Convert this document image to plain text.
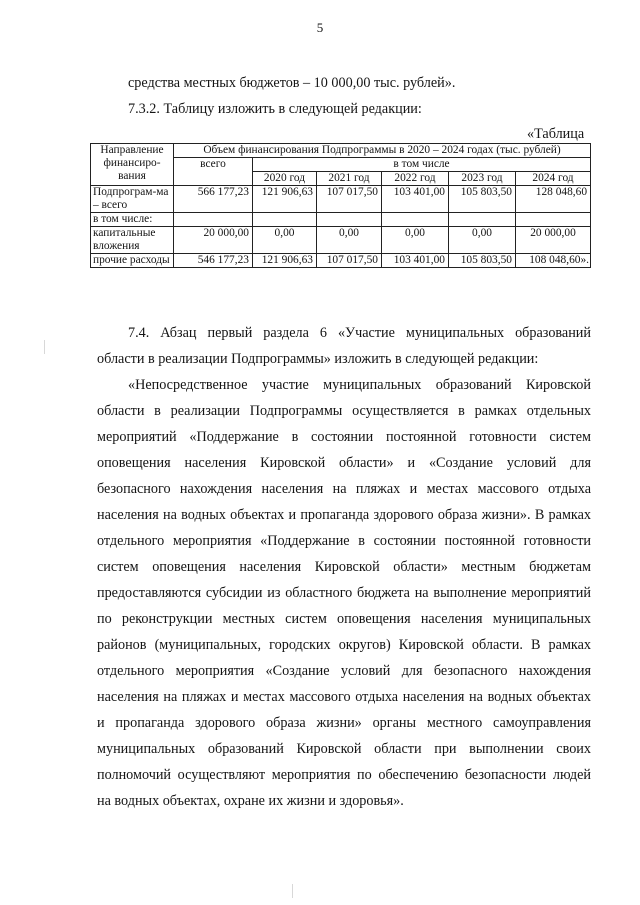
5
средства местных бюджетов – 10 000,00 тыс. рублей».
7.3.2. Таблицу изложить в следующей редакции:
«Таблица
Направление финансиро-вания	Объем финансирования Подпрограммы в 2020 – 2024 годах (тыс. рублей)					
	всего	в том числе				
		2020 год	2021 год	2022 год	2023 год	2024 год
Подпрограм-ма – всего	566 177,23	121 906,63	107 017,50	103 401,00	105 803,50	128 048,60
в том числе:						
капитальные вложения	20 000,00	0,00	0,00	0,00	0,00	20 000,00
прочие расходы	546 177,23	121 906,63	107 017,50	103 401,00	105 803,50	108 048,60».
7.4. Абзац первый раздела 6 «Участие муниципальных образований
области в реализации Подпрограммы» изложить в следующей редакции:
«Непосредственное участие муниципальных образований Кировской
области в реализации Подпрограммы осуществляется в рамках отдельных
мероприятий «Поддержание в состоянии постоянной готовности систем
оповещения населения Кировской области» и «Создание условий для
безопасного нахождения населения на пляжах и местах массового отдыха
населения на водных объектах и пропаганда здорового образа жизни». В рамках
отдельного мероприятия «Поддержание в состоянии постоянной готовности
систем оповещения населения Кировской области» местным бюджетам
предоставляются субсидии из областного бюджета на выполнение мероприятий
по реконструкции местных систем оповещения населения муниципальных
районов (муниципальных, городских округов) Кировской области. В рамках
отдельного мероприятия «Создание условий для безопасного нахождения
населения на пляжах и местах массового отдыха населения на водных объектах
и пропаганда здорового образа жизни» органы местного самоуправления
муниципальных образований Кировской области при выполнении своих
полномочий осуществляют мероприятия по обеспечению безопасности людей
на водных объектах, охране их жизни и здоровья».
